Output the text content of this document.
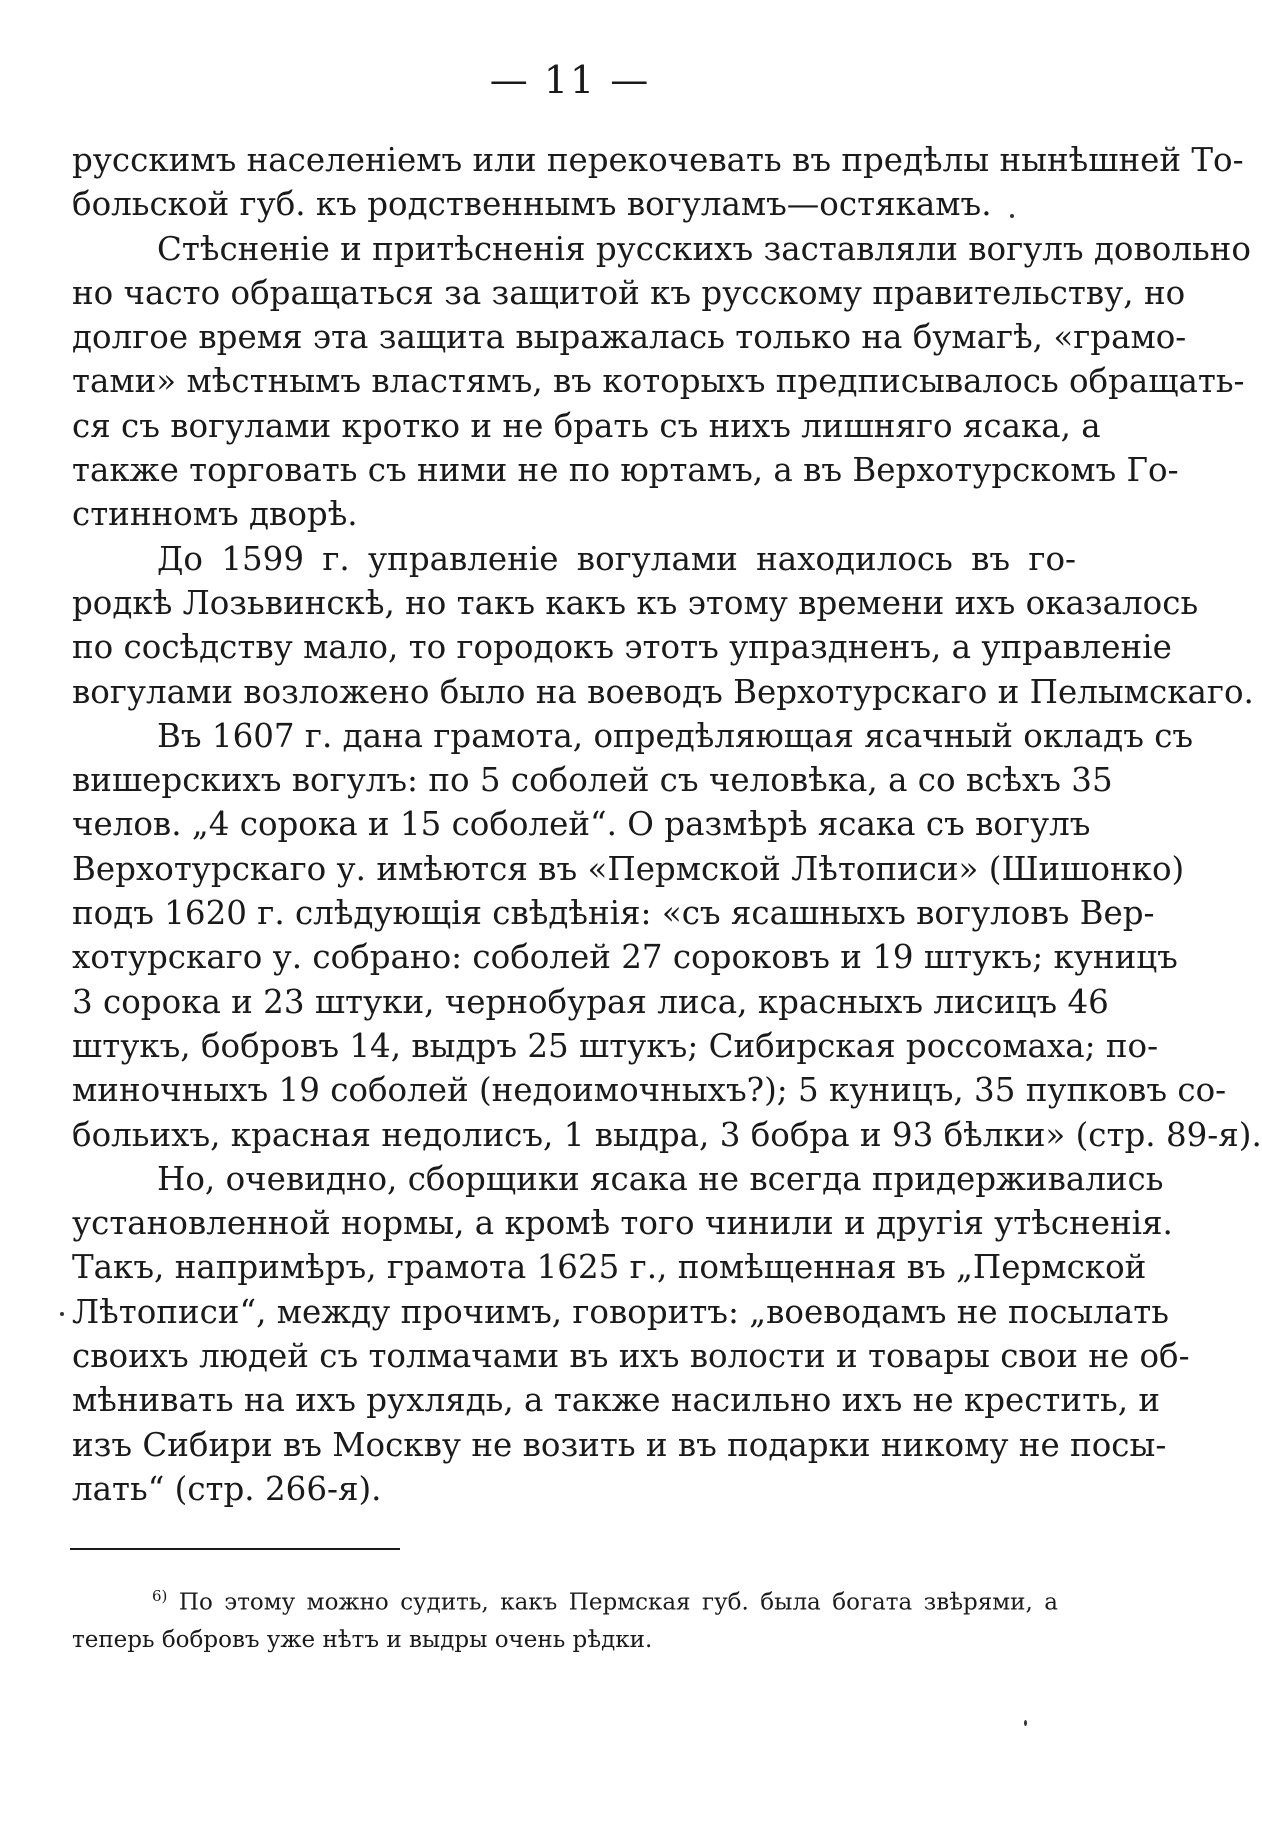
— 11 —
русскимъ населеніемъ или перекочевать въ предѣлы нынѣшней То-
больской губ. къ родственнымъ вогуламъ—остякамъ.
Стѣсненіе и притѣсненія русскихъ заставляли вогулъ довольно
но часто обращаться за защитой къ русскому правительству, но
долгое время эта защита выражалась только на бумагѣ, «грамо-
тами» мѣстнымъ властямъ, въ которыхъ предписывалось обращать-
ся съ вогулами кротко и не брать съ нихъ лишняго ясака, а
также торговать съ ними не по юртамъ, а въ Верхотурскомъ Го-
стинномъ дворѣ.
До 1599 г. управленіе вогулами находилось въ го-
родкѣ Лозьвинскѣ, но такъ какъ къ этому времени ихъ оказалось
по сосѣдству мало, то городокъ этотъ упраздненъ, а управленіе
вогулами возложено было на воеводъ Верхотурскаго и Пелымскаго.
Въ 1607 г. дана грамота, опредѣляющая ясачный окладъ съ
вишерскихъ вогулъ: по 5 соболей съ человѣка, а со всѣхъ 35
челов. „4 сорока и 15 соболей“. О размѣрѣ ясака съ вогулъ
Верхотурскаго у. имѣются въ «Пермской Лѣтописи» (Шишонко)
подъ 1620 г. слѣдующія свѣдѣнія: «съ ясашныхъ вогуловъ Вер-
хотурскаго у. собрано: соболей 27 сороковъ и 19 штукъ; куницъ
3 сорока и 23 штуки, чернобурая лиса, красныхъ лисицъ 46
штукъ, бобровъ 14, выдръ 25 штукъ; Сибирская россомаха; по-
миночныхъ 19 соболей (недоимочныхъ?); 5 куницъ, 35 пупковъ со-
больихъ, красная недолисъ, 1 выдра, 3 бобра и 93 бѣлки» (стр. 89-я).
Но, очевидно, сборщики ясака не всегда придерживались
установленной нормы, а кромѣ того чинили и другія утѣсненія.
Такъ, напримѣръ, грамота 1625 г., помѣщенная въ „Пермской
Лѣтописи“, между прочимъ, говоритъ: „воеводамъ не посылать
своихъ людей съ толмачами въ ихъ волости и товары свои не об-
мѣнивать на ихъ рухлядь, а также насильно ихъ не крестить, и
изъ Сибири въ Москву не возить и въ подарки никому не посы-
лать“ (стр. 266-я).
$^{6)}$ По этому можно судить, какъ Пермская губ. была богата звѣрями, а
теперь бобровъ уже нѣтъ и выдры очень рѣдки.
